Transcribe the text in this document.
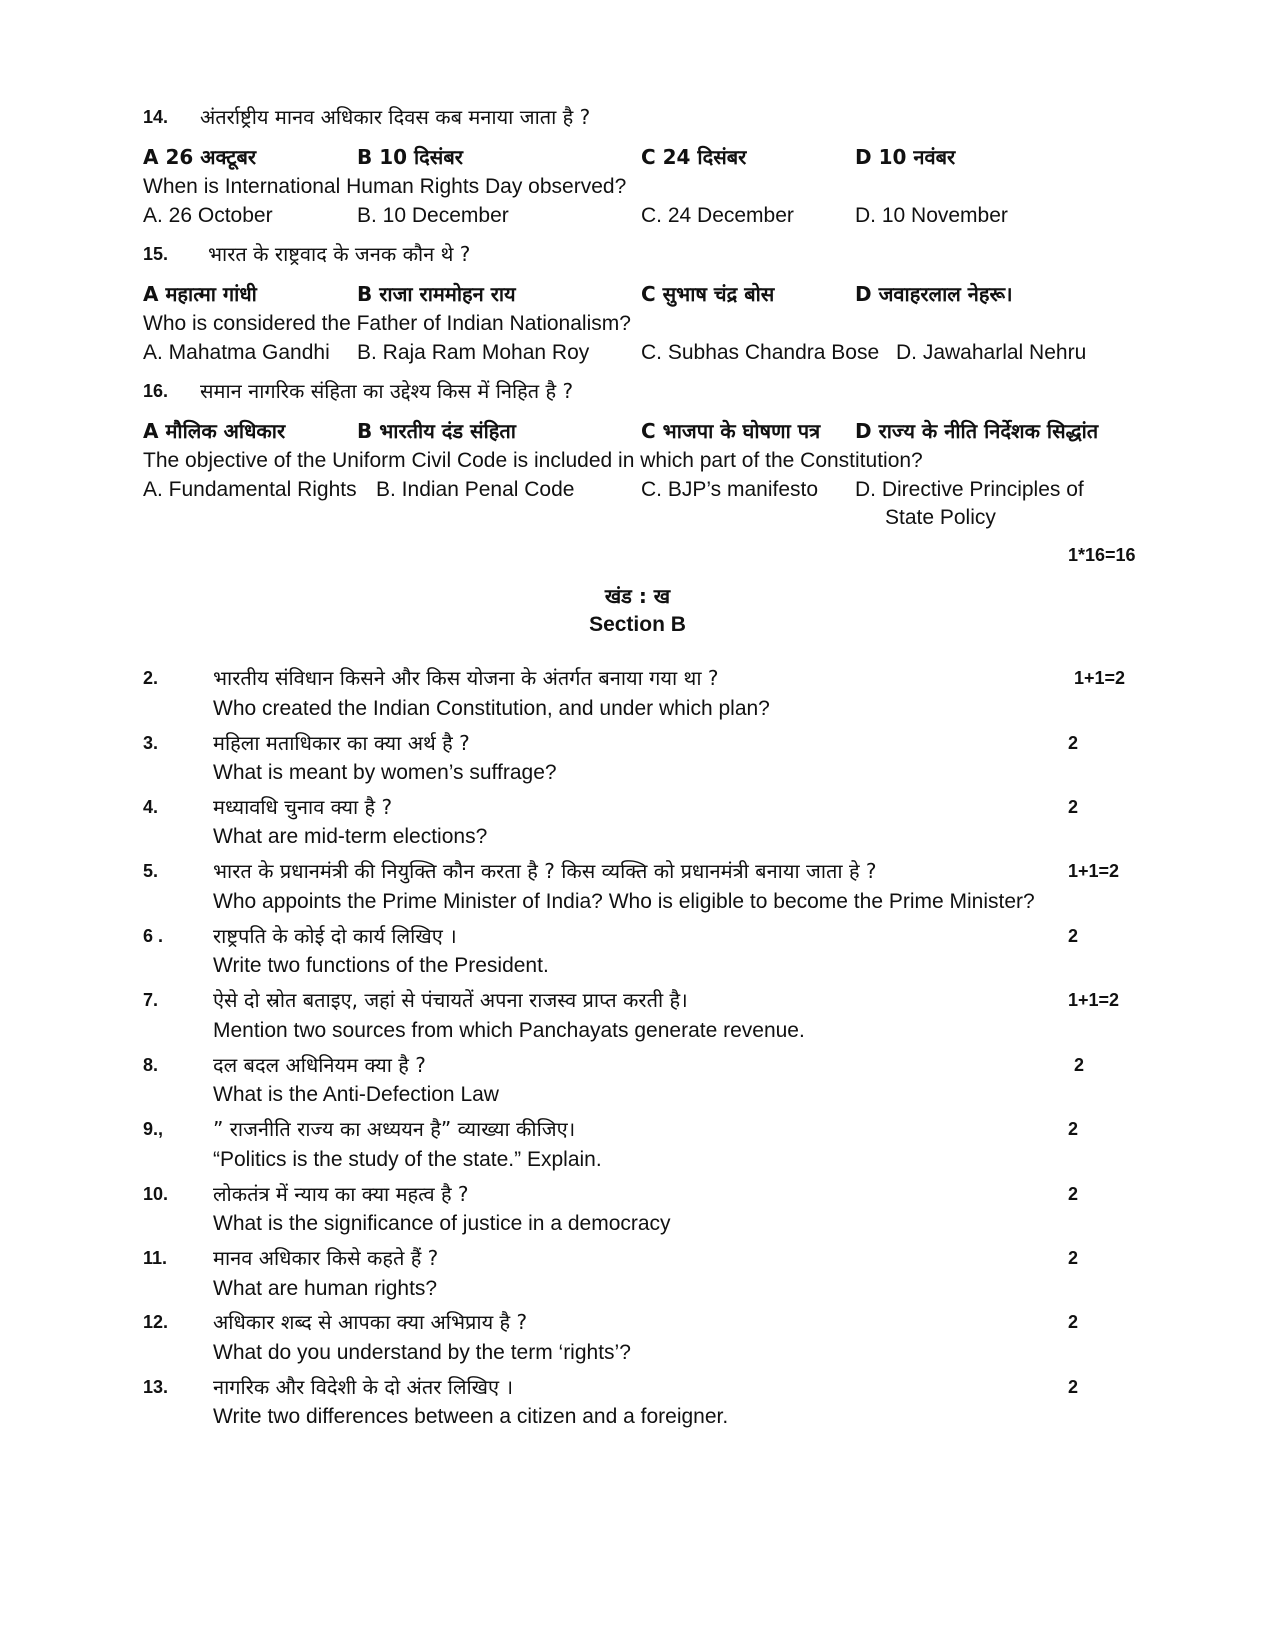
14. अंतर्राष्ट्रीय मानव अधिकार दिवस कब मनाया जाता है ?
A 26 अक्टूबर	B 10 दिसंबर	C 24 दिसंबर	D 10 नवंबर
When is International Human Rights Day observed?
A. 26 October	B. 10 December	C. 24 December	D. 10 November
15. भारत के राष्ट्रवाद के जनक कौन थे ?
A महात्मा गांधी	B राजा राममोहन राय	C सुभाष चंद्र बोस	D जवाहरलाल नेहरू।
Who is considered the Father of Indian Nationalism?
A. Mahatma Gandhi B. Raja Ram Mohan Roy C. Subhas Chandra Bose D. Jawaharlal Nehru
16. समान नागरिक संहिता का उद्देश्य किस में निहित है ?
A मौलिक अधिकार	B भारतीय दंड संहिता	C भाजपा के घोषणा पत्र D राज्य के नीति निर्देशक सिद्धांत
The objective of the Uniform Civil Code is included in which part of the Constitution?
A. Fundamental Rights B. Indian Penal Code	C. BJP’s manifesto D. Directive Principles of
State Policy
1*16=16
खंड : ख
Section B
2.	भारतीय संविधान किसने और किस योजना के अंतर्गत बनाया गया था ?
Who created the Indian Constitution, and under which plan?
1+1=2
3.	महिला मताधिकार का क्या अर्थ है ?
What is meant by women’s suffrage?
2
4.	मध्यावधि चुनाव क्या है ?
What are mid-term elections?
2
5.	भारत के प्रधानमंत्री की नियुक्ति कौन करता है ? किस व्यक्ति को प्रधानमंत्री बनाया जाता हे ?
Who appoints the Prime Minister of India? Who is eligible to become the Prime Minister?
1+1=2
6 . राष्ट्रपति के कोई दो कार्य लिखिए ।
Write two functions of the President.
2
7.	ऐसे दो स्रोत बताइए, जहां से पंचायतें अपना राजस्व प्राप्त करती है।
Mention two sources from which Panchayats generate revenue.
1+1=2
8.	दल बदल अधिनियम क्या है ?
What is the Anti-Defection Law
2
9., ” राजनीति राज्य का अध्ययन है” व्याख्या कीजिए।
“Politics is the study of the state.” Explain.
2
10. लोकतंत्र में न्याय का क्या महत्व है ?
What is the significance of justice in a democracy
2
11. मानव अधिकार किसे कहते हैं ?
What are human rights?
2
12. अधिकार शब्द से आपका क्या अभिप्राय है ?
What do you understand by the term ‘rights’?
2
13. नागरिक और विदेशी के दो अंतर लिखिए ।
Write two differences between a citizen and a foreigner.
2
